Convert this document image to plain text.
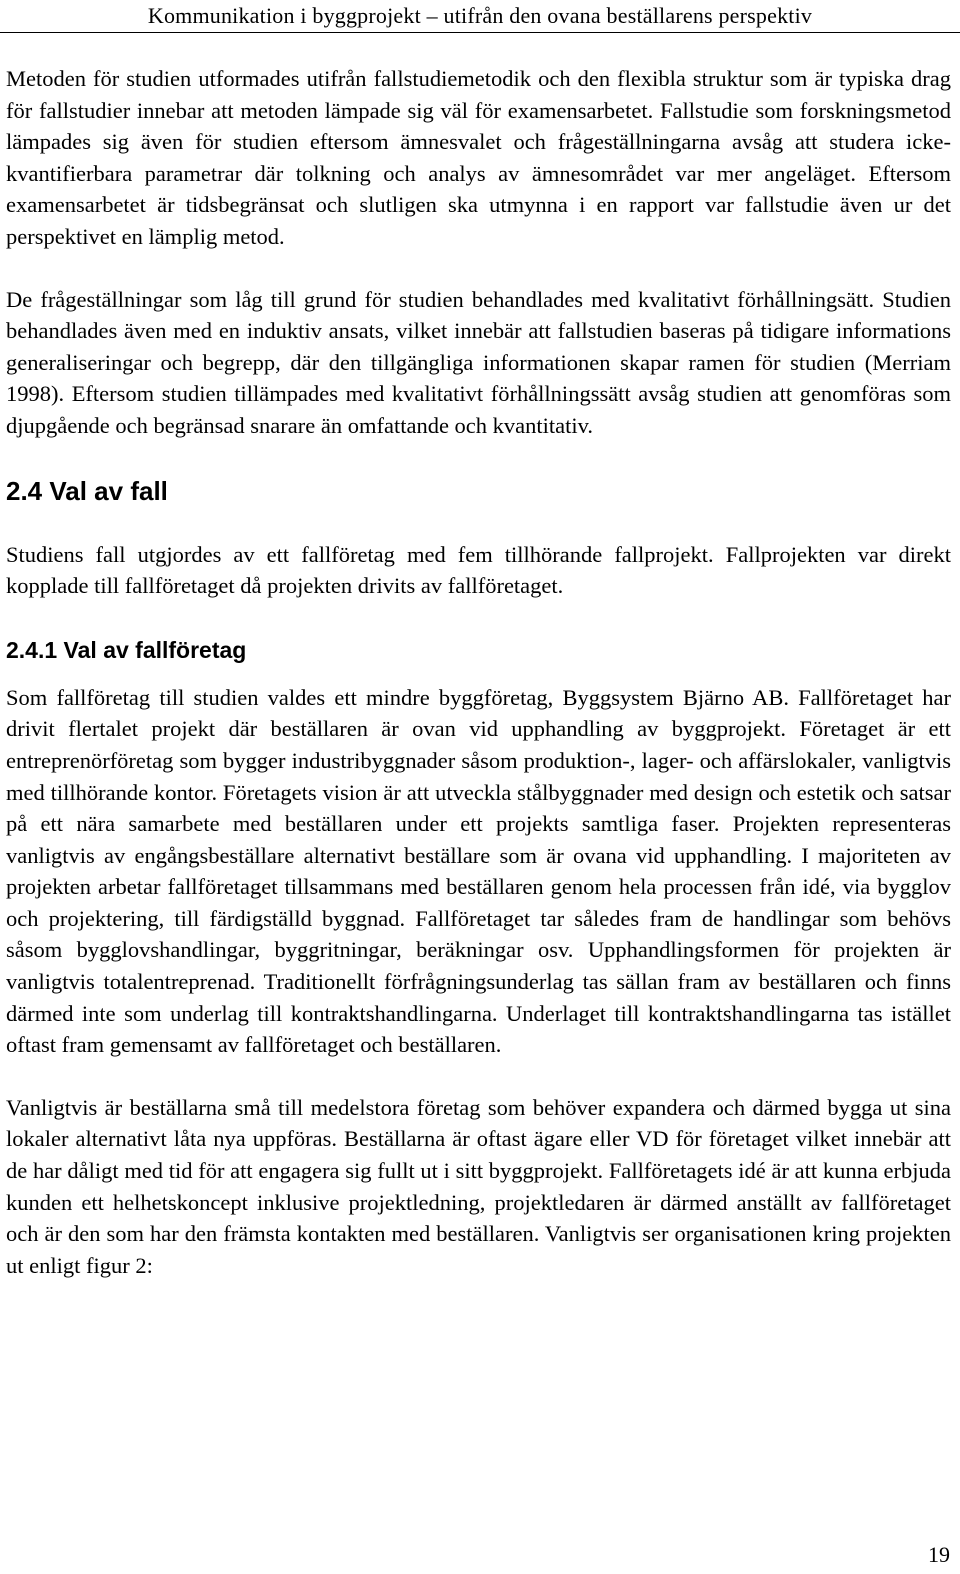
Kommunikation i byggprojekt – utifrån den ovana beställarens perspektiv

Metoden för studien utformades utifrån fallstudiemetodik och den flexibla struktur som är typiska drag för fallstudier innebar att metoden lämpade sig väl för examensarbetet. Fallstudie som forskningsmetod lämpades sig även för studien eftersom ämnesvalet och frågeställningarna avsåg att studera icke-kvantifierbara parametrar där tolkning och analys av ämnesområdet var mer angeläget. Eftersom examensarbetet är tidsbegränsat och slutligen ska utmynna i en rapport var fallstudie även ur det perspektivet en lämplig metod.

De frågeställningar som låg till grund för studien behandlades med kvalitativt förhållningsätt. Studien behandlades även med en induktiv ansats, vilket innebär att fallstudien baseras på tidigare informations generaliseringar och begrepp, där den tillgängliga informationen skapar ramen för studien (Merriam 1998). Eftersom studien tillämpades med kvalitativt förhållningssätt avsåg studien att genomföras som djupgående och begränsad snarare än omfattande och kvantitativ.

2.4 Val av fall

Studiens fall utgjordes av ett fallföretag med fem tillhörande fallprojekt. Fallprojekten var direkt kopplade till fallföretaget då projekten drivits av fallföretaget.

2.4.1 Val av fallföretag

Som fallföretag till studien valdes ett mindre byggföretag, Byggsystem Bjärno AB. Fallföretaget har drivit flertalet projekt där beställaren är ovan vid upphandling av byggprojekt. Företaget är ett entreprenörföretag som bygger industribyggnader såsom produktion-, lager- och affärslokaler, vanligtvis med tillhörande kontor. Företagets vision är att utveckla stålbyggnader med design och estetik och satsar på ett nära samarbete med beställaren under ett projekts samtliga faser. Projekten representeras vanligtvis av engångsbeställare alternativt beställare som är ovana vid upphandling. I majoriteten av projekten arbetar fallföretaget tillsammans med beställaren genom hela processen från idé, via bygglov och projektering, till färdigställd byggnad. Fallföretaget tar således fram de handlingar som behövs såsom bygglovshandlingar, byggritningar, beräkningar osv. Upphandlingsformen för projekten är vanligtvis totalentreprenad. Traditionellt förfrågningsunderlag tas sällan fram av beställaren och finns därmed inte som underlag till kontraktshandlingarna. Underlaget till kontraktshandlingarna tas istället oftast fram gemensamt av fallföretaget och beställaren.

Vanligtvis är beställarna små till medelstora företag som behöver expandera och därmed bygga ut sina lokaler alternativt låta nya uppföras. Beställarna är oftast ägare eller VD för företaget vilket innebär att de har dåligt med tid för att engagera sig fullt ut i sitt byggprojekt. Fallföretagets idé är att kunna erbjuda kunden ett helhetskoncept inklusive projektledning, projektledaren är därmed anställt av fallföretaget och är den som har den främsta kontakten med beställaren. Vanligtvis ser organisationen kring projekten ut enligt figur 2:

19
